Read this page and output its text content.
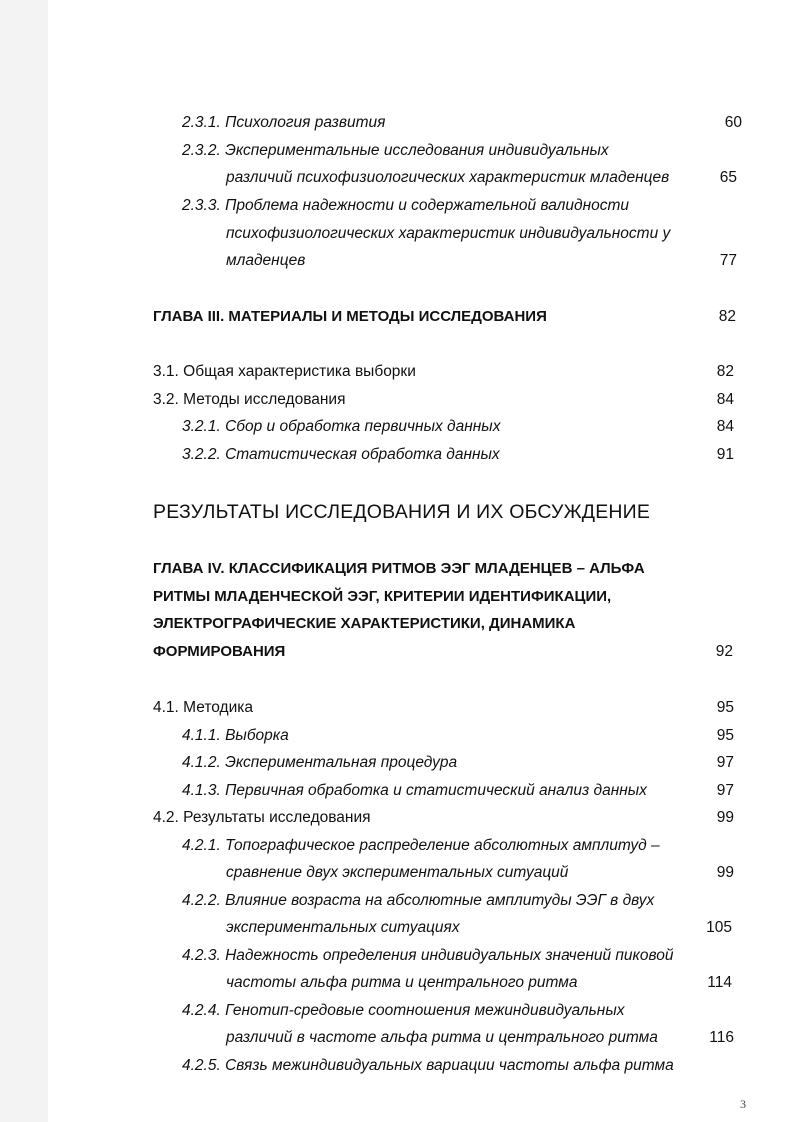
2.3.1. Психология развития	60
2.3.2. Экспериментальные исследования индивидуальных
различий психофизиологических характеристик младенцев	65
2.3.3. Проблема надежности и содержательной валидности
психофизиологических характеристик индивидуальности у
младенцев	77
ГЛАВА III. МАТЕРИАЛЫ И МЕТОДЫ ИССЛЕДОВАНИЯ	82
3.1. Общая характеристика выборки	82
3.2. Методы исследования	84
3.2.1. Сбор и обработка первичных данных	84
3.2.2. Статистическая обработка данных	91
РЕЗУЛЬТАТЫ ИССЛЕДОВАНИЯ И ИХ ОБСУЖДЕНИЕ
ГЛАВА IV. КЛАССИФИКАЦИЯ РИТМОВ ЭЭГ МЛАДЕНЦЕВ – АЛЬФА
РИТМЫ МЛАДЕНЧЕСКОЙ ЭЭГ, КРИТЕРИИ ИДЕНТИФИКАЦИИ,
ЭЛЕКТРОГРАФИЧЕСКИЕ ХАРАКТЕРИСТИКИ, ДИНАМИКА
ФОРМИРОВАНИЯ	92
4.1. Методика	95
4.1.1. Выборка	95
4.1.2. Экспериментальная процедура	97
4.1.3. Первичная обработка и статистический анализ данных	97
4.2. Результаты исследования	99
4.2.1. Топографическое распределение абсолютных амплитуд –
сравнение двух экспериментальных ситуаций	99
4.2.2. Влияние возраста на абсолютные амплитуды ЭЭГ в двух
экспериментальных ситуациях	105
4.2.3. Надежность определения индивидуальных значений пиковой
частоты альфа ритма и центрального ритма	114
4.2.4. Генотип-средовые соотношения межиндивидуальных
различий в частоте альфа ритма и центрального ритма	116
4.2.5. Связь межиндивидуальных вариации частоты альфа ритма
3
